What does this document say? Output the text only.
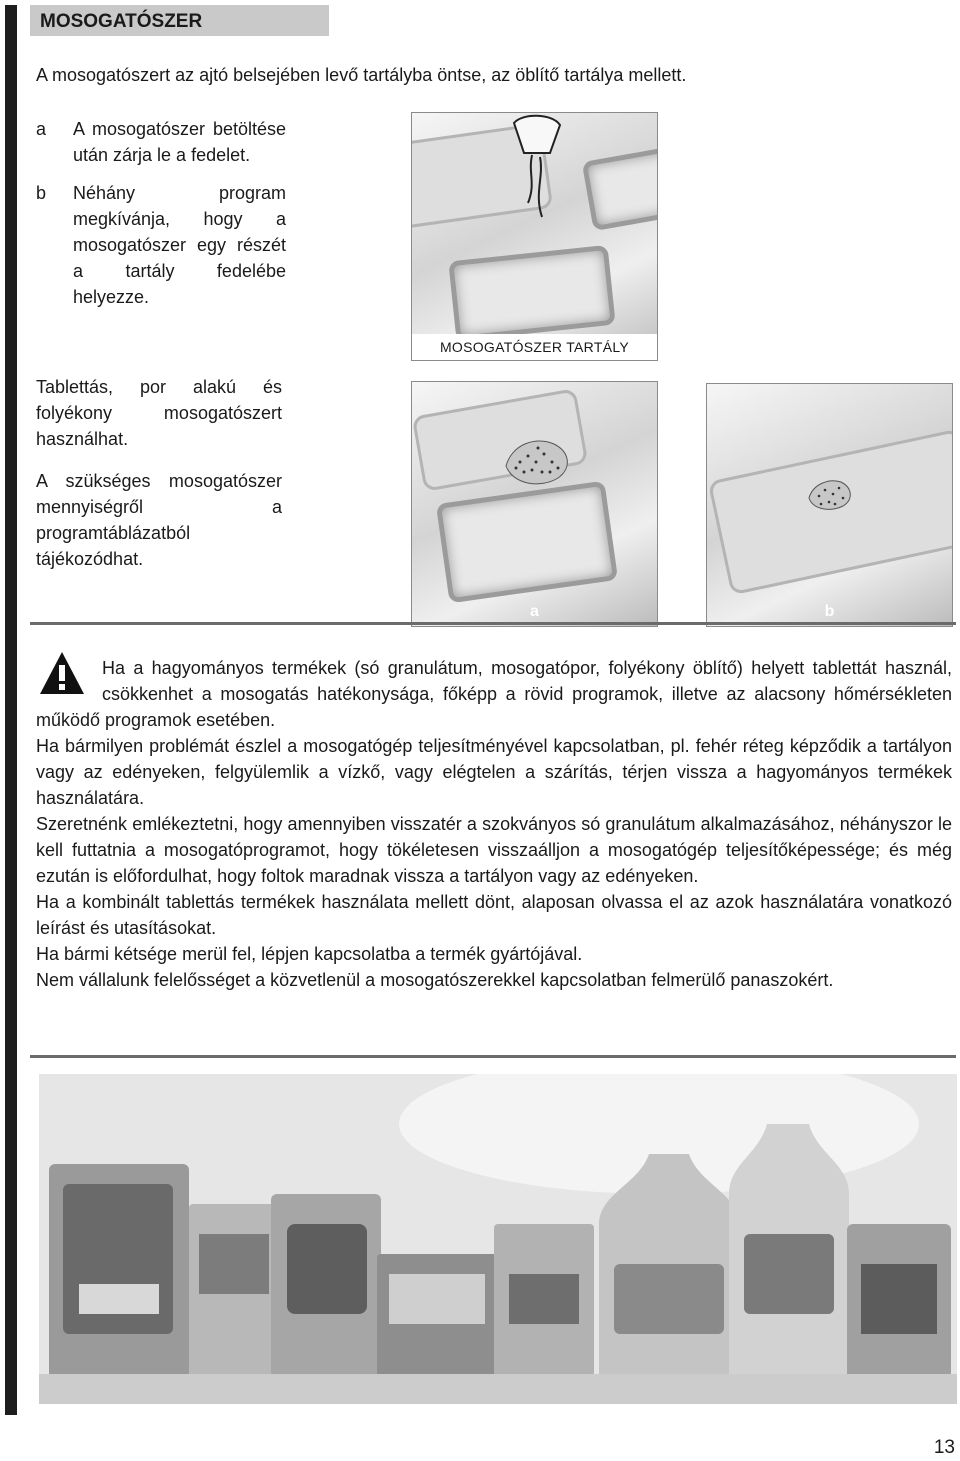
MOSOGATÓSZER
A mosogatószert az ajtó belsejében levő tartályba öntse, az öblítő tartálya mellett.
a A mosogatószer betöltése után zárja le a fedelet.
b Néhány program megkívánja, hogy a mosogatószer egy részét a tartály fedelébe helyezze.
Tablettás, por alakú és folyékony mosogatószert használhat.
A szükséges mosogatószer mennyiségről a programtáblázatból tájékozódhat.
MOSOGATÓSZER TARTÁLY
a	b

Ha a hagyományos termékek (só granulátum, mosogatópor, folyékony öblítő) helyett tablettát használ, csökkenhet a mosogatás hatékonysága, főképp a rövid programok, illetve az alacsony hőmérsékleten működő programok esetében.

Ha bármilyen problémát észlel a mosogatógép teljesítményével kapcsolatban, pl. fehér réteg képződik a tartályon vagy az edényeken, felgyülemlik a vízkő, vagy elégtelen a szárítás, térjen vissza a hagyományos termékek használatára.

Szeretnénk emlékeztetni, hogy amennyiben visszatér a szokványos só granulátum alkalmazásához, néhányszor le kell futtatnia a mosogatóprogramot, hogy tökéletesen visszaálljon a mosogatógép teljesítőképessége; és még ezután is előfordulhat, hogy foltok maradnak vissza a tartályon vagy az edényeken.

Ha a kombinált tablettás termékek használata mellett dönt, alaposan olvassa el az azok használatára vonatkozó leírást és utasításokat.

Ha bármi kétsége merül fel, lépjen kapcsolatba a termék gyártójával.

Nem vállalunk felelősséget a közvetlenül a mosogatószerekkel kapcsolatban felmerülő panaszokért.

13
